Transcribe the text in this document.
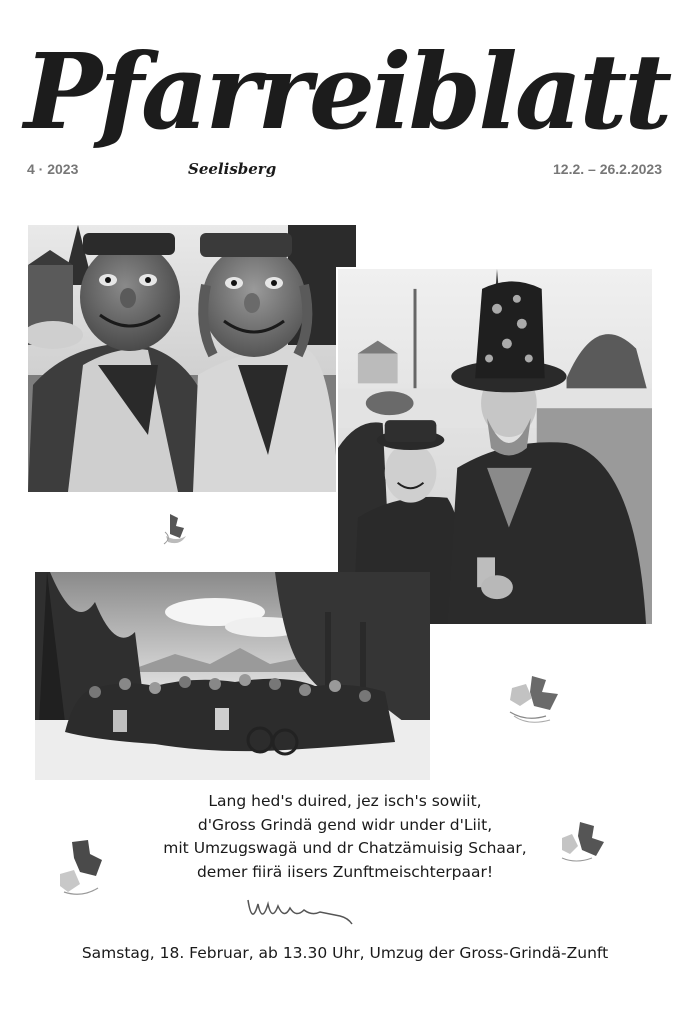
Pfarreiblatt
4 · 2023	Seelisberg	12.2. – 26.2.2023
Lang hed's duired, jez isch's sowiit,
d'Gross Grindä gend widr under d'Liit,
mit Umzugswagä und dr Chatzämuisig Schaar,
demer fiirä iisers Zunftmeischterpaar!
Samstag, 18. Februar, ab 13.30 Uhr, Umzug der Gross-Grindä-Zunft
